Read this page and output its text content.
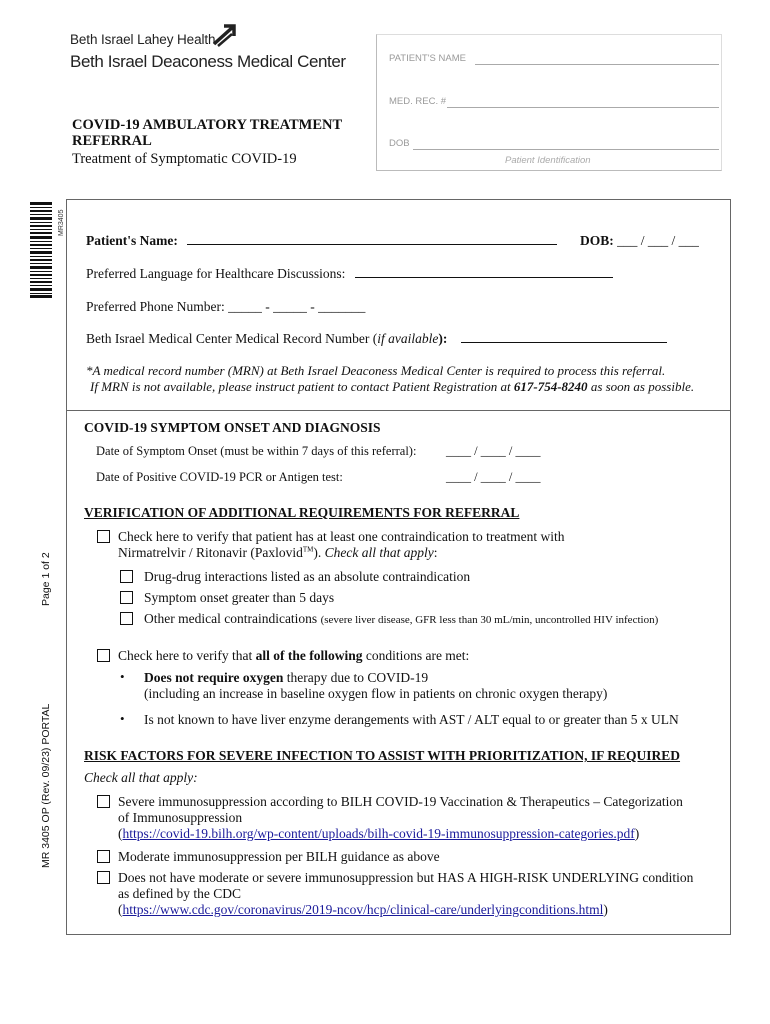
Beth Israel Lahey Health
Beth Israel Deaconess Medical Center	PATIENT'S NAME
MED. REC. #
DOB
Patient Identification
COVID-19 AMBULATORY TREATMENT
REFERRAL
Treatment of Symptomatic COVID-19
MR3405
Page 1 of 2
MR 3405 OP (Rev. 09/23) PORTAL
Patient's Name:	DOB: ___ / ___ / ___
Preferred Language for Healthcare Discussions:
Preferred Phone Number: _____ - _____ - _______
Beth Israel Medical Center Medical Record Number (if available):
*A medical record number (MRN) at Beth Israel Deaconess Medical Center is required to process this referral.
If MRN is not available, please instruct patient to contact Patient Registration at 617-754-8240 as soon as possible.
COVID-19 SYMPTOM ONSET AND DIAGNOSIS
Date of Symptom Onset (must be within 7 days of this referral): ____ / ____ / ____
Date of Positive COVID-19 PCR or Antigen test:	____ / ____ / ____
VERIFICATION OF ADDITIONAL REQUIREMENTS FOR REFERRAL
Check here to verify that patient has at least one contraindication to treatment with
Nirmatrelvir / Ritonavir (Paxlovid™). Check all that apply:
Drug-drug interactions listed as an absolute contraindication
Symptom onset greater than 5 days
Other medical contraindications (severe liver disease, GFR less than 30 mL/min, uncontrolled HIV infection)
Check here to verify that all of the following conditions are met:
• Does not require oxygen therapy due to COVID-19
(including an increase in baseline oxygen flow in patients on chronic oxygen therapy)
• Is not known to have liver enzyme derangements with AST / ALT equal to or greater than 5 x ULN
RISK FACTORS FOR SEVERE INFECTION TO ASSIST WITH PRIORITIZATION, IF REQUIRED
Check all that apply:
Severe immunosuppression according to BILH COVID-19 Vaccination & Therapeutics – Categorization
of Immunosuppression
(https://covid-19.bilh.org/wp-content/uploads/bilh-covid-19-immunosuppression-categories.pdf)
Moderate immunosuppression per BILH guidance as above
Does not have moderate or severe immunosuppression but HAS A HIGH-RISK UNDERLYING condition
as defined by the CDC
(https://www.cdc.gov/coronavirus/2019-ncov/hcp/clinical-care/underlyingconditions.html)
